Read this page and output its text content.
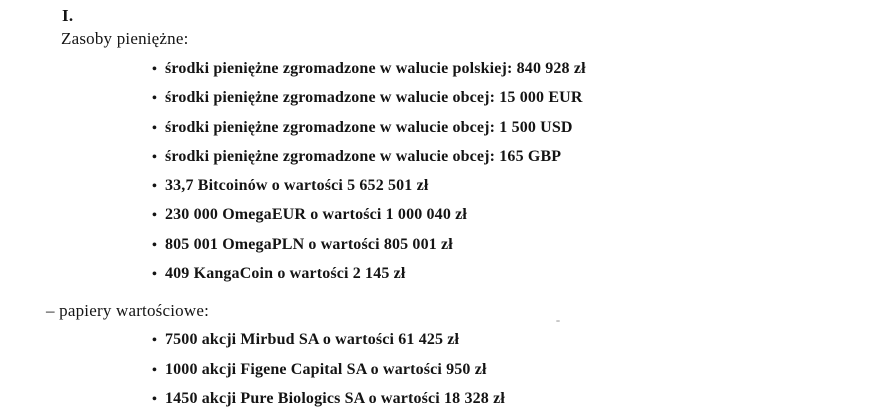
I.
Zasoby pieniężne:
• środki pieniężne zgromadzone w walucie polskiej: 840 928 zł
• środki pieniężne zgromadzone w walucie obcej: 15 000 EUR
• środki pieniężne zgromadzone w walucie obcej: 1 500 USD
• środki pieniężne zgromadzone w walucie obcej: 165 GBP
• 33,7 Bitcoinów o wartości 5 652 501 zł
• 230 000 OmegaEUR o wartości 1 000 040 zł
• 805 001 OmegaPLN o wartości 805 001 zł
• 409 KangaCoin o wartości 2 145 zł
– papiery wartościowe:
• 7500 akcji Mirbud SA o wartości 61 425 zł
• 1000 akcji Figene Capital SA o wartości 950 zł
• 1450 akcji Pure Biologics SA o wartości 18 328 zł
